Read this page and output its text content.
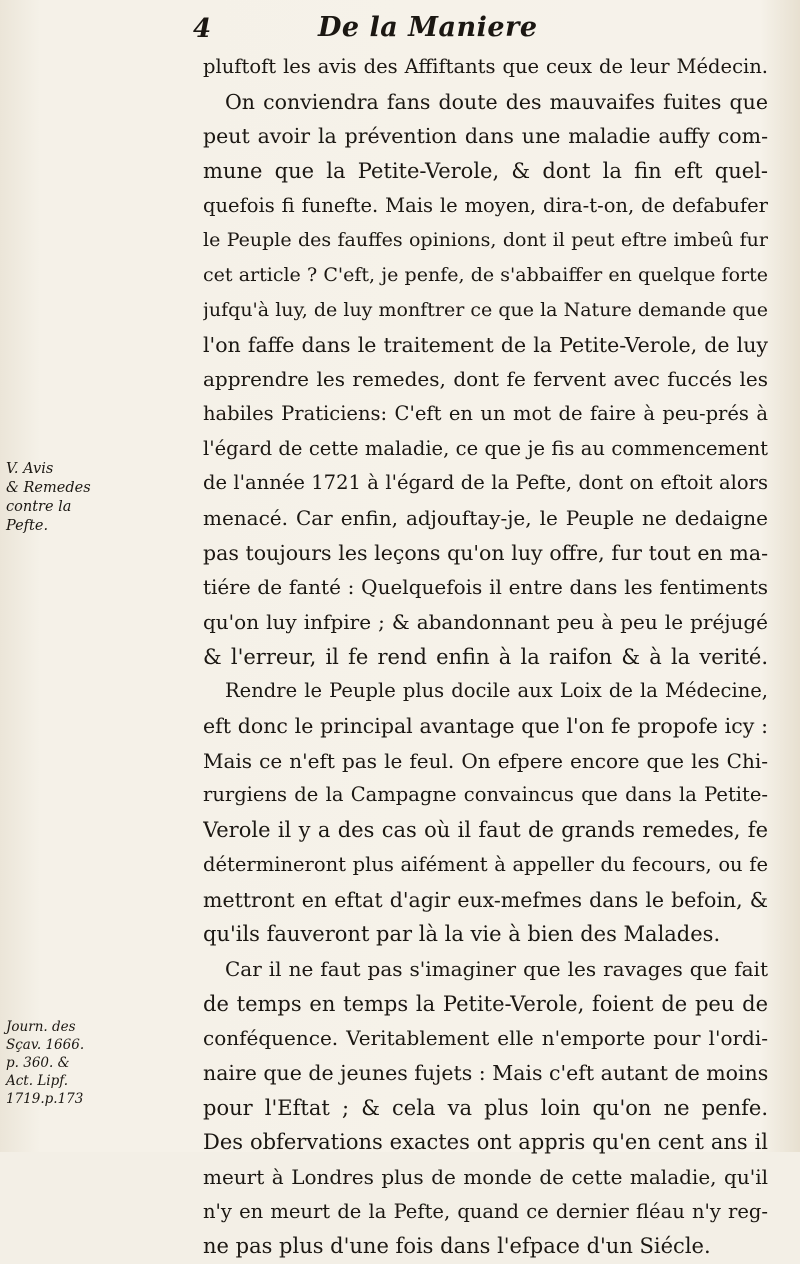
4	De la Maniere
pluftoft les avis des Affiftants que ceux de leur Médecin.
On conviendra fans doute des mauvaifes fuites que
peut avoir la prévention dans une maladie auffy com-
mune que la Petite-Verole, & dont la fin eft quel-
quefois fi funefte. Mais le moyen, dira-t-on, de defabufer
le Peuple des fauffes opinions, dont il peut eftre imbeû fur
cet article ? C'eft, je penfe, de s'abbaiffer en quelque forte
jufqu'à luy, de luy monftrer ce que la Nature demande que
l'on faffe dans le traitement de la Petite-Verole, de luy
apprendre les remedes, dont fe fervent avec fuccés les
habiles Praticiens: C'eft en un mot de faire à peu-prés à
l'égard de cette maladie, ce que je fis au commencement
de l'année 1721 à l'égard de la Pefte, dont on eftoit alors
menacé. Car enfin, adjouftay-je, le Peuple ne dedaigne
pas toujours les leçons qu'on luy offre, fur tout en ma-
tiére de fanté : Quelquefois il entre dans les fentiments
qu'on luy infpire ; & abandonnant peu à peu le préjugé
& l'erreur, il fe rend enfin à la raifon & à la verité.
Rendre le Peuple plus docile aux Loix de la Médecine,
eft donc le principal avantage que l'on fe propofe icy :
Mais ce n'eft pas le feul. On efpere encore que les Chi-
rurgiens de la Campagne convaincus que dans la Petite-
Verole il y a des cas où il faut de grands remedes, fe
détermineront plus aifément à appeller du fecours, ou fe
mettront en eftat d'agir eux-mefmes dans le befoin, &
qu'ils fauveront par là la vie à bien des Malades.
Car il ne faut pas s'imaginer que les ravages que fait
de temps en temps la Petite-Verole, foient de peu de
conféquence. Veritablement elle n'emporte pour l'ordi-
naire que de jeunes fujets : Mais c'eft autant de moins
pour l'Eftat ; & cela va plus loin qu'on ne penfe.
Des obfervations exactes ont appris qu'en cent ans il
meurt à Londres plus de monde de cette maladie, qu'il
n'y en meurt de la Pefte, quand ce dernier fléau n'y reg-
ne pas plus d'une fois dans l'efpace d'un Siécle.
V. Avis
& Remedes
contre la
Pefte.
Journ. des
Sçav. 1666.
p. 360. &
Act. Lipf.
1719.p.173
